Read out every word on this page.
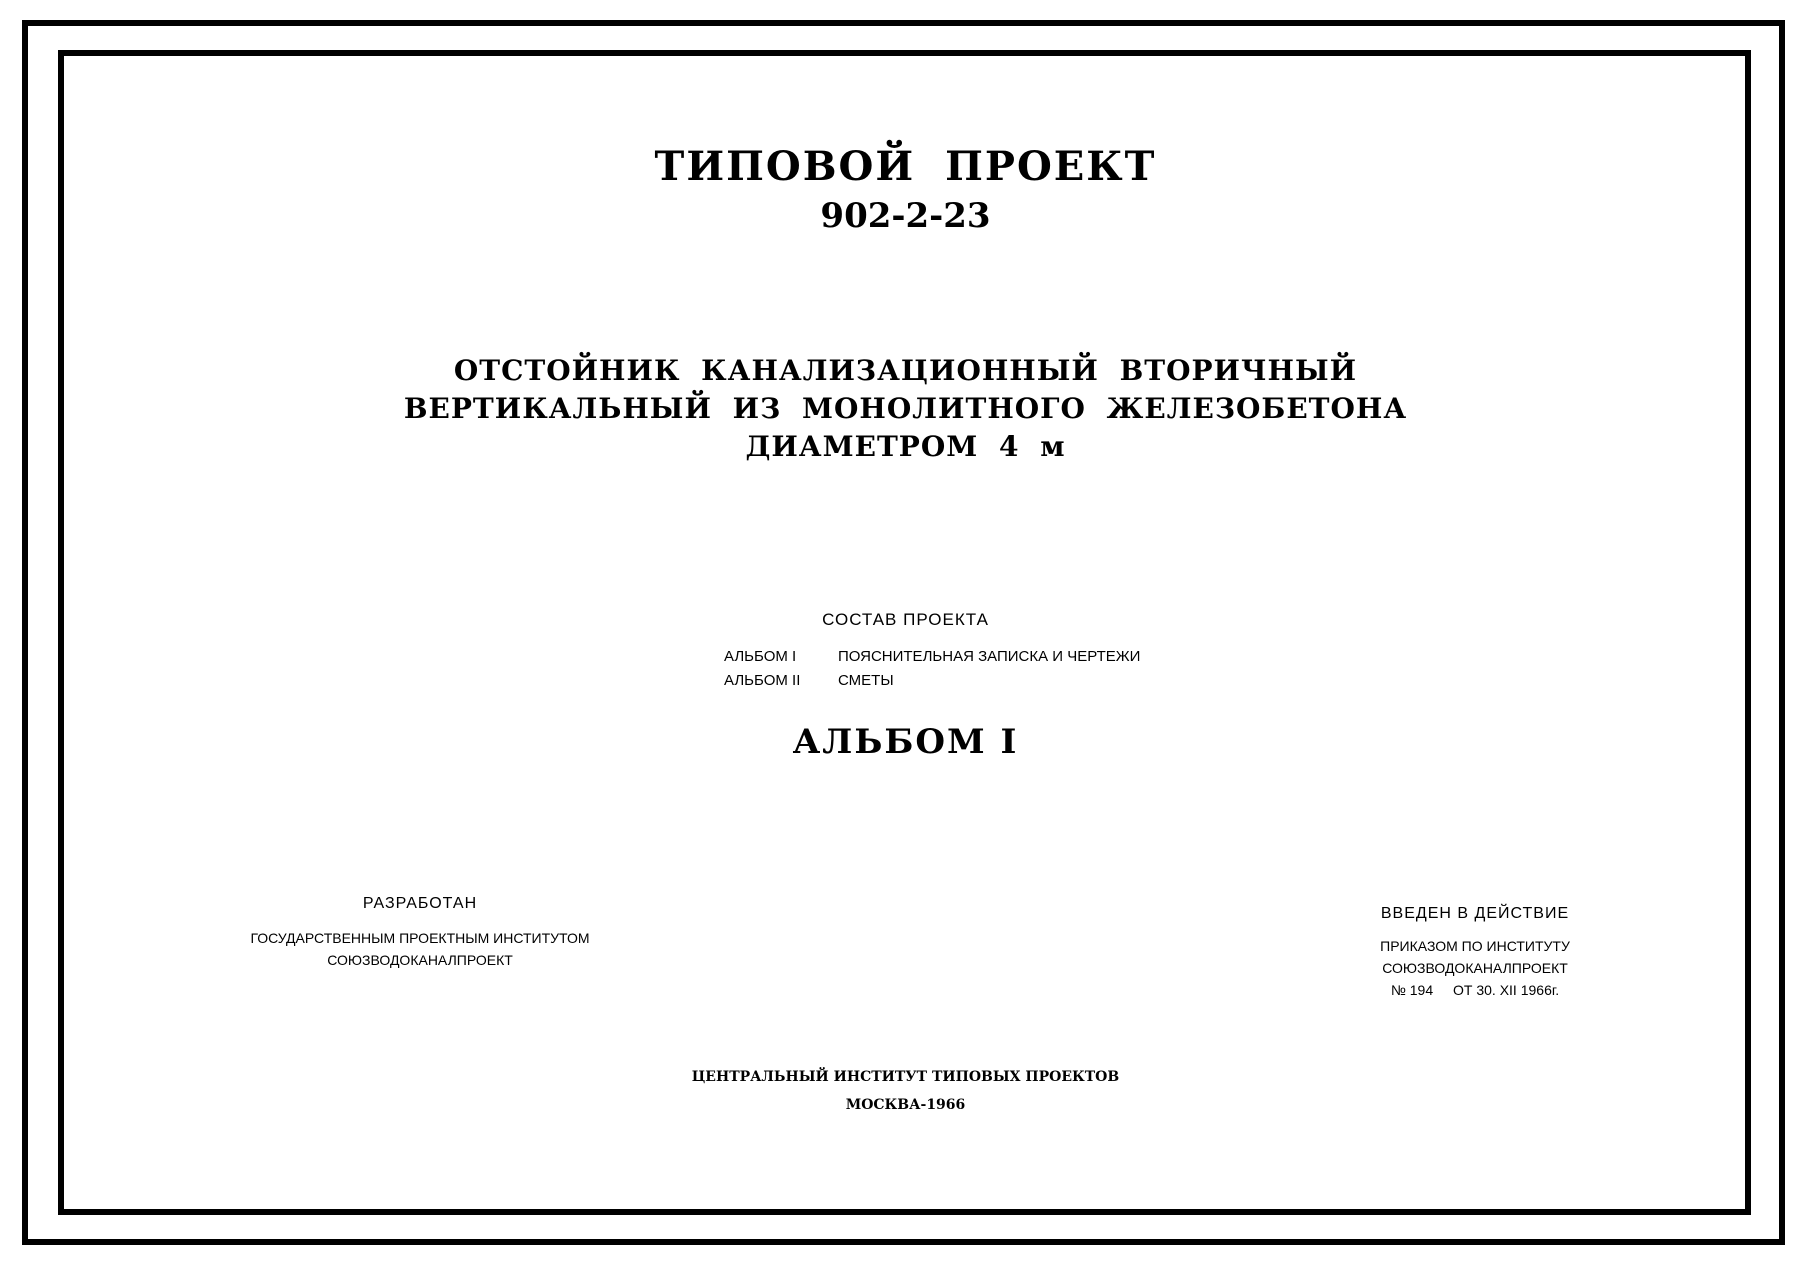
ТИПОВОЙ ПРОЕКТ
902-2-23
ОТСТОЙНИК КАНАЛИЗАЦИОННЫЙ ВТОРИЧНЫЙ
ВЕРТИКАЛЬНЫЙ ИЗ МОНОЛИТНОГО ЖЕЛЕЗОБЕТОНА
ДИАМЕТРОМ 4 м
СОСТАВ ПРОЕКТА
АЛЬБОМ I	ПОЯСНИТЕЛЬНАЯ ЗАПИСКА И ЧЕРТЕЖИ
АЛЬБОМ II	СМЕТЫ
АЛЬБОМ I
РАЗРАБОТАН
ГОСУДАРСТВЕННЫМ ПРОЕКТНЫМ ИНСТИТУТОМ
СОЮЗВОДОКАНАЛПРОЕКТ
ВВЕДЕН В ДЕЙСТВИЕ
ПРИКАЗОМ ПО ИНСТИТУТУ
СОЮЗВОДОКАНАЛПРОЕКТ
№ 194 ОТ 30. XII 1966г.
ЦЕНТРАЛЬНЫЙ ИНСТИТУТ ТИПОВЫХ ПРОЕКТОВ
МОСКВА-1966
